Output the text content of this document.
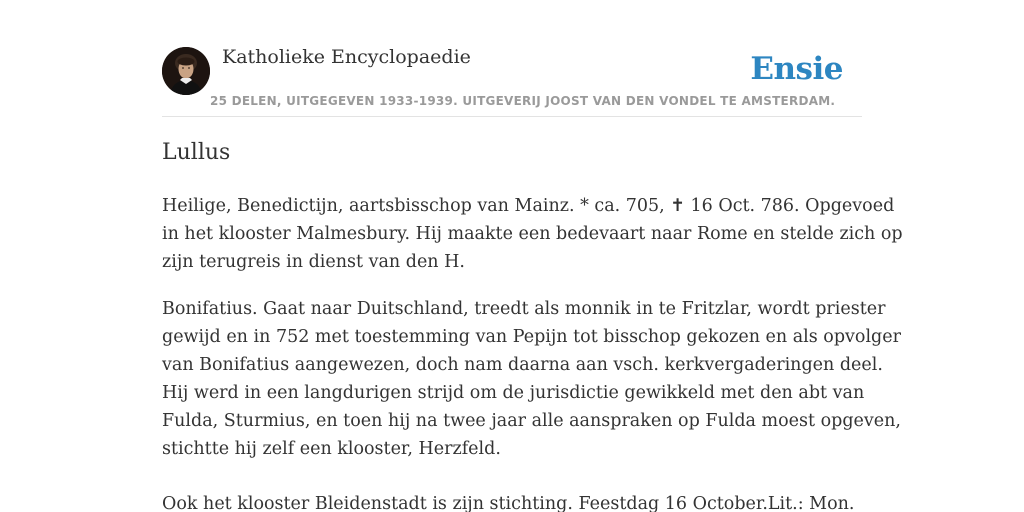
Katholieke Encyclopaedie
25 DELEN, UITGEGEVEN 1933-1939. UITGEVERIJ JOOST VAN DEN VONDEL TE AMSTERDAM.
Ensie
Lullus

Heilige, Benedictijn, aartsbisschop van Mainz. * ca. 705, ✝ 16 Oct. 786. Opgevoed
in het klooster Malmesbury. Hij maakte een bedevaart naar Rome en stelde zich op
zijn terugreis in dienst van den H.

Bonifatius. Gaat naar Duitschland, treedt als monnik in te Fritzlar, wordt priester
gewijd en in 752 met toestemming van Pepijn tot bisschop gekozen en als opvolger
van Bonifatius aangewezen, doch nam daarna aan vsch. kerkvergaderingen deel.
Hij werd in een langdurigen strijd om de jurisdictie gewikkeld met den abt van
Fulda, Sturmius, en toen hij na twee jaar alle aanspraken op Fulda moest opgeven,
stichtte hij zelf een klooster, Herzfeld.

Ook het klooster Bleidenstadt is zijn stichting. Feestdag 16 October.Lit.: Mon.
